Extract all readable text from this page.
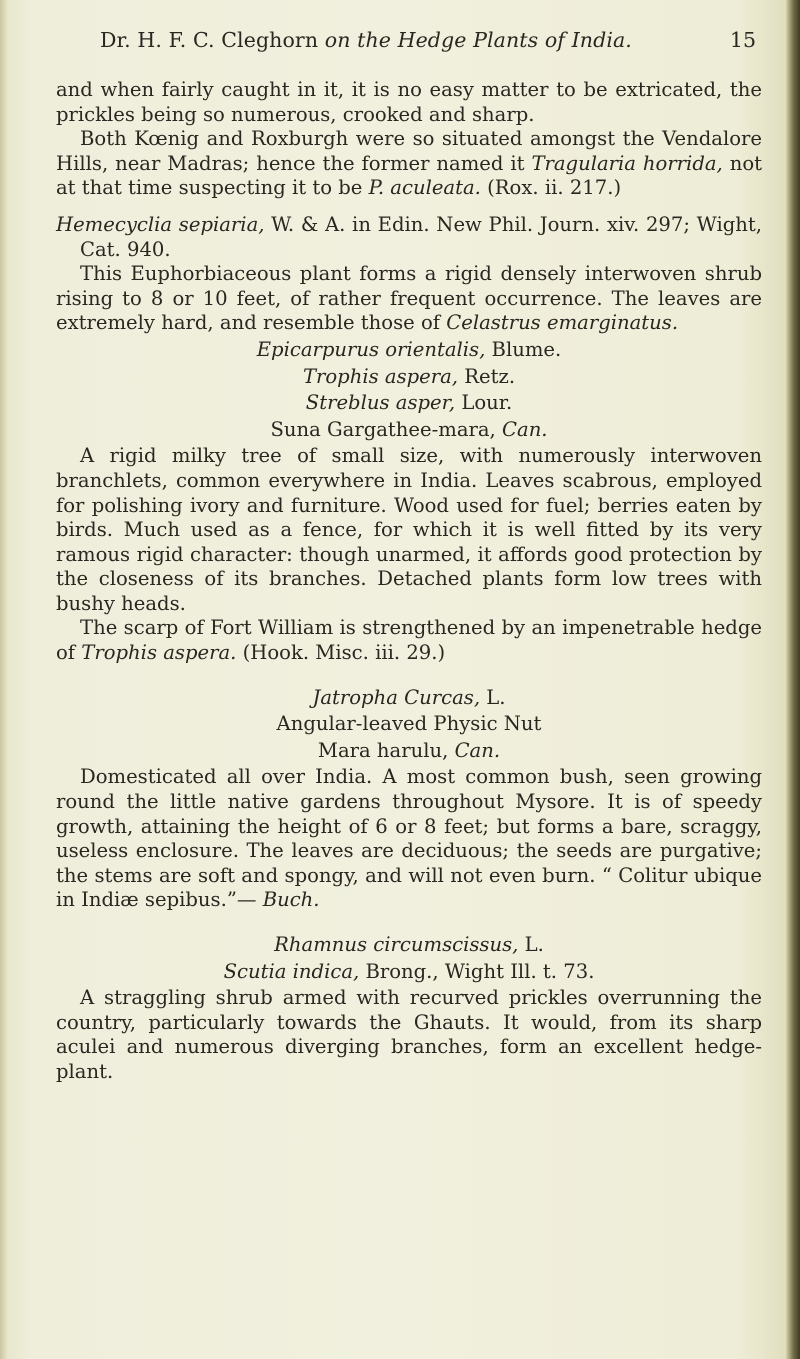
Dr. H. F. C. Cleghorn on the Hedge Plants of India.	15

and when fairly caught in it, it is no easy matter to be extricated, the prickles being so numerous, crooked and sharp.

Both Kœnig and Roxburgh were so situated amongst the Vendalore Hills, near Madras; hence the former named it Tragularia horrida, not at that time suspecting it to be P. aculeata. (Rox. ii. 217.)

Hemecyclia sepiaria, W. & A. in Edin. New Phil. Journ. xiv. 297; Wight, Cat. 940.

This Euphorbiaceous plant forms a rigid densely interwoven shrub rising to 8 or 10 feet, of rather frequent occurrence. The leaves are extremely hard, and resemble those of Celastrus emarginatus.

Epicarpurus orientalis, Blume.
Trophis aspera, Retz.
Streblus asper, Lour.
Suna Gargathee-mara, Can.

A rigid milky tree of small size, with numerously interwoven branchlets, common everywhere in India. Leaves scabrous, employed for polishing ivory and furniture. Wood used for fuel; berries eaten by birds. Much used as a fence, for which it is well fitted by its very ramous rigid character: though unarmed, it affords good protection by the closeness of its branches. Detached plants form low trees with bushy heads.

The scarp of Fort William is strengthened by an impenetrable hedge of Trophis aspera. (Hook. Misc. iii. 29.)

Jatropha Curcas, L.
Angular-leaved Physic Nut
Mara harulu, Can.

Domesticated all over India. A most common bush, seen growing round the little native gardens throughout Mysore. It is of speedy growth, attaining the height of 6 or 8 feet; but forms a bare, scraggy, useless enclosure. The leaves are deciduous; the seeds are purgative; the stems are soft and spongy, and will not even burn. “ Colitur ubique in Indiæ sepibus.”— Buch.

Rhamnus circumscissus, L.
Scutia indica, Brong., Wight Ill. t. 73.

A straggling shrub armed with recurved prickles overrunning the country, particularly towards the Ghauts. It would, from its sharp aculei and numerous diverging branches, form an excellent hedge-plant.
